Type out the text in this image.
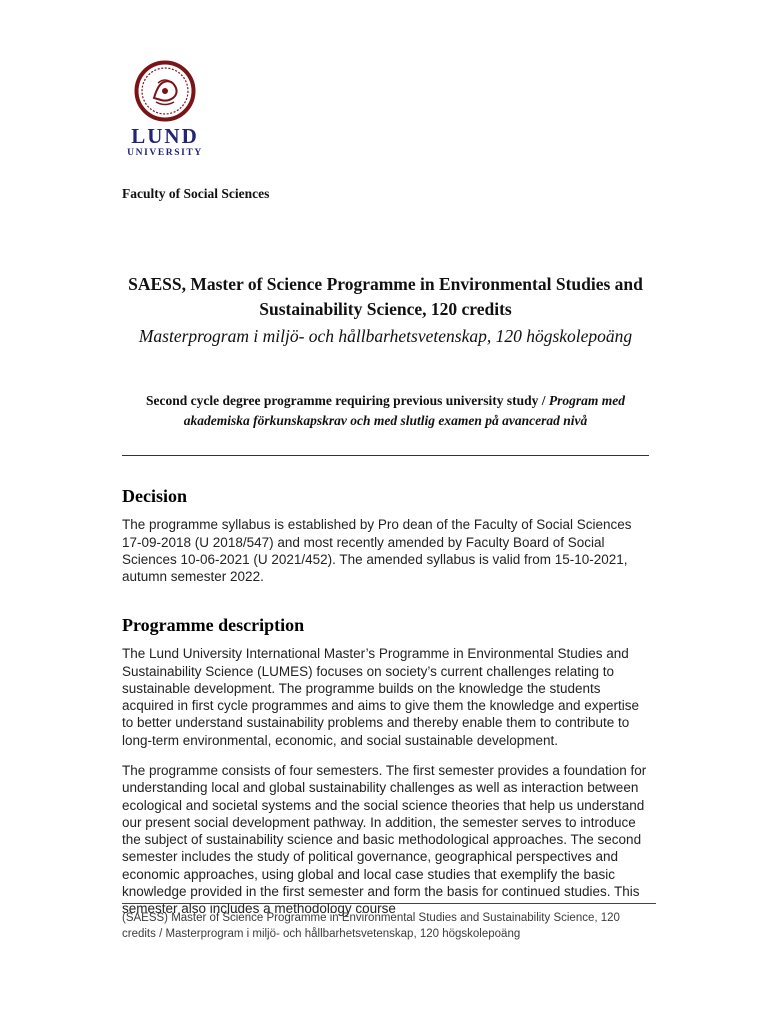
LUND
UNIVERSITY
Faculty of Social Sciences
SAESS, Master of Science Programme in Environmental Studies and Sustainability Science, 120 credits
Masterprogram i miljö- och hållbarhetsvetenskap, 120 högskolepoäng
Second cycle degree programme requiring previous university study / Program med akademiska förkunskapskrav och med slutlig examen på avancerad nivå
Decision

The programme syllabus is established by Pro dean of the Faculty of Social Sciences 17-09-2018 (U 2018/547) and most recently amended by Faculty Board of Social Sciences 10-06-2021 (U 2021/452). The amended syllabus is valid from 15-10-2021, autumn semester 2022.

Programme description

The Lund University International Master’s Programme in Environmental Studies and Sustainability Science (LUMES) focuses on society’s current challenges relating to sustainable development. The programme builds on the knowledge the students acquired in first cycle programmes and aims to give them the knowledge and expertise to better understand sustainability problems and thereby enable them to contribute to long-term environmental, economic, and social sustainable development.

The programme consists of four semesters. The first semester provides a foundation for understanding local and global sustainability challenges as well as interaction between ecological and societal systems and the social science theories that help us understand our present social development pathway. In addition, the semester serves to introduce the subject of sustainability science and basic methodological approaches. The second semester includes the study of political governance, geographical perspectives and economic approaches, using global and local case studies that exemplify the basic knowledge provided in the first semester and form the basis for continued studies. This semester also includes a methodology course

(SAESS) Master of Science Programme in Environmental Studies and Sustainability Science, 120 credits / Masterprogram i miljö- och hållbarhetsvetenskap, 120 högskolepoäng
